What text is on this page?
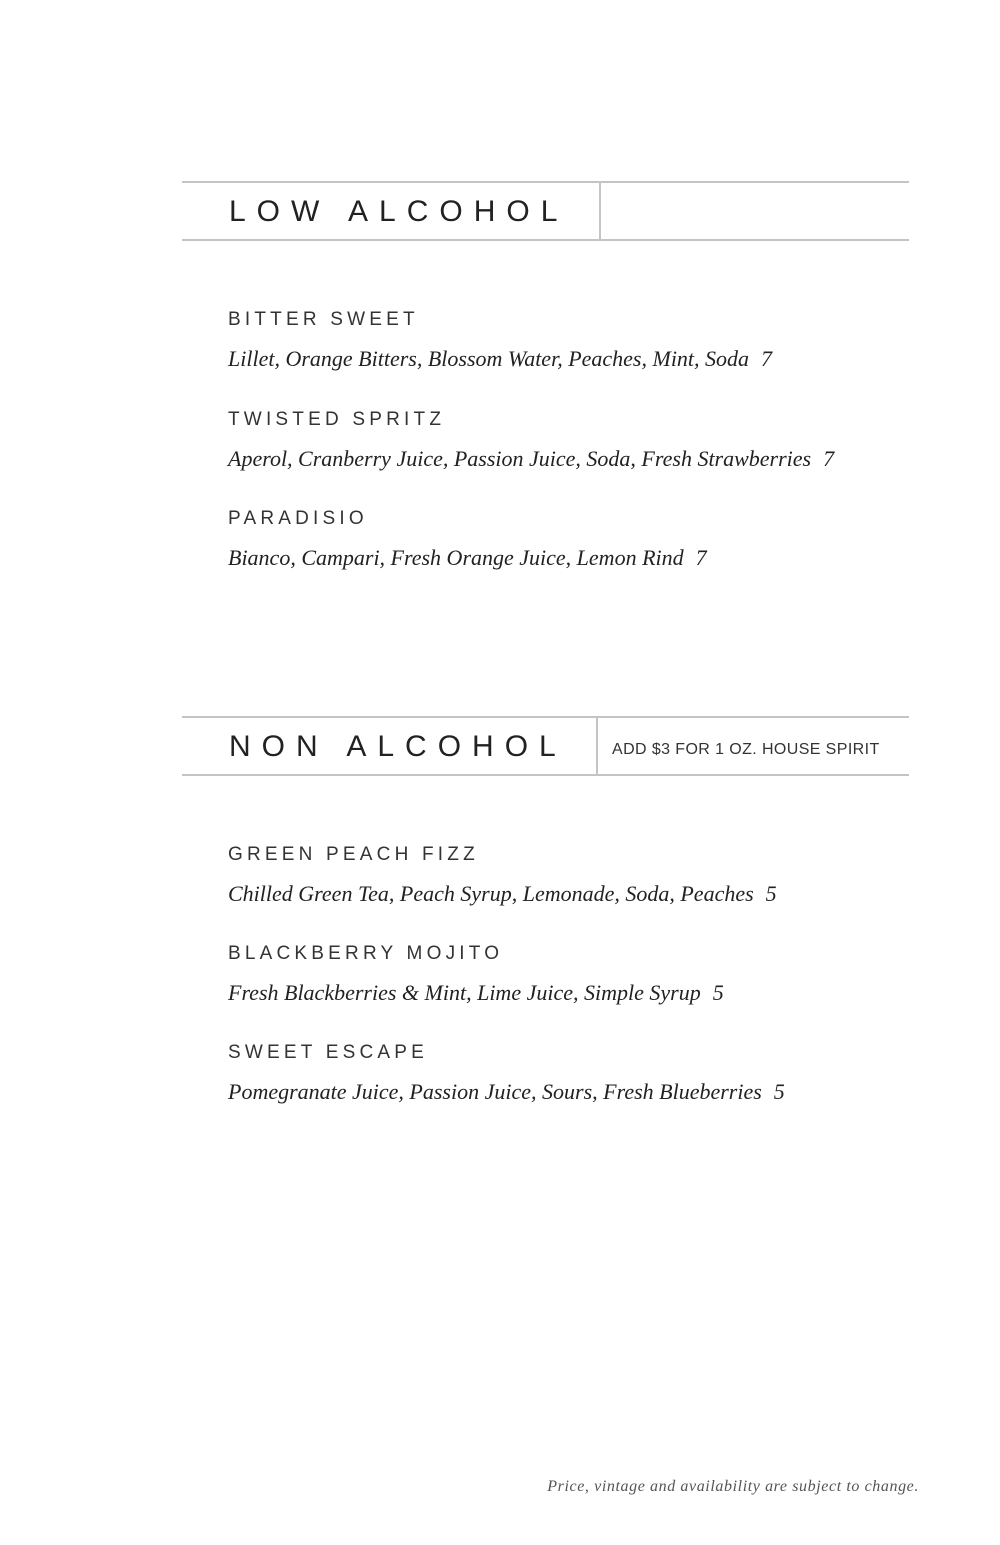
LOW ALCOHOL
BITTER SWEET
Lillet, Orange Bitters, Blossom Water, Peaches, Mint, Soda 7
TWISTED SPRITZ
Aperol, Cranberry Juice, Passion Juice, Soda, Fresh Strawberries 7
PARADISIO
Bianco, Campari, Fresh Orange Juice, Lemon Rind 7
NON ALCOHOL	ADD $3 FOR 1 OZ. HOUSE SPIRIT
GREEN PEACH FIZZ
Chilled Green Tea, Peach Syrup, Lemonade, Soda, Peaches 5
BLACKBERRY MOJITO
Fresh Blackberries & Mint, Lime Juice, Simple Syrup 5
SWEET ESCAPE
Pomegranate Juice, Passion Juice, Sours, Fresh Blueberries 5
Price, vintage and availability are subject to change.
